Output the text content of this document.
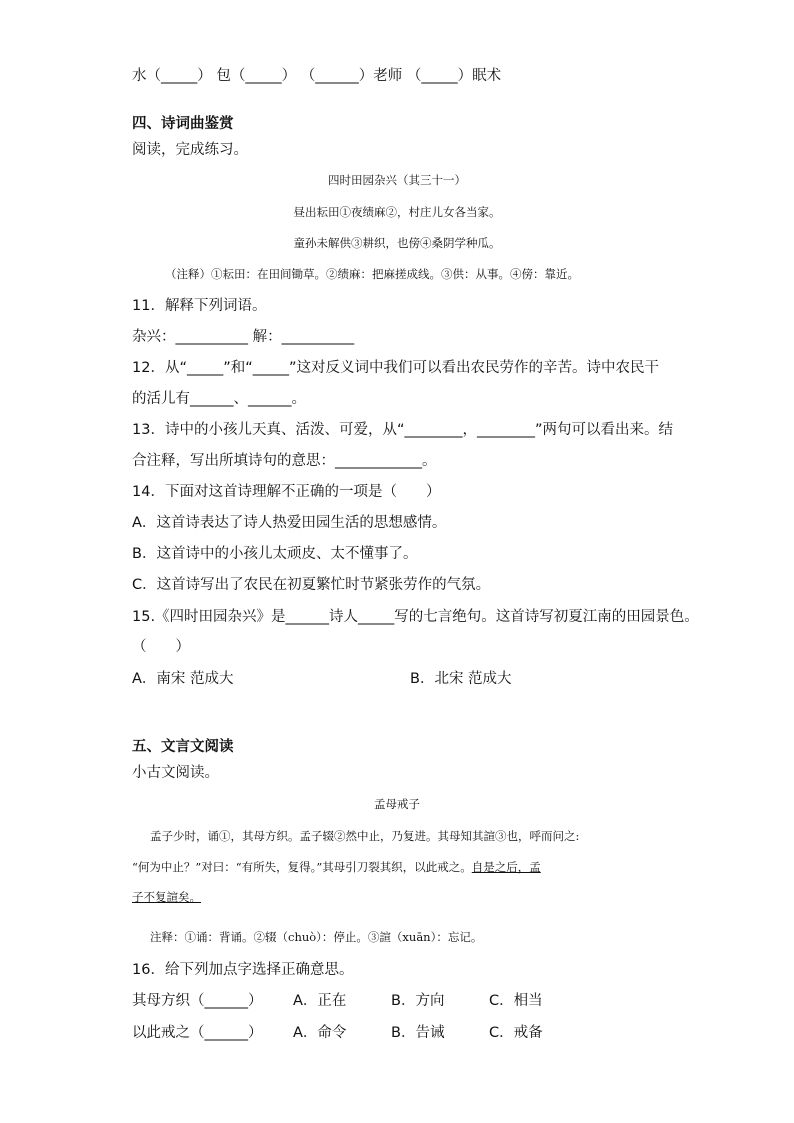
水（_____） 包（_____） （______）老师 （_____）眠术
四、诗词曲鉴赏
阅读，完成练习。
四时田园杂兴（其三十一）
昼出耘田①夜绩麻②，村庄儿女各当家。
童孙未解供③耕织，也傍④桑阴学种瓜。
（注释）①耘田：在田间锄草。②绩麻：把麻搓成线。③供：从事。④傍：靠近。
11．解释下列词语。
杂兴：__________ 解：__________
12．从“_____”和“_____”这对反义词中我们可以看出农民劳作的辛苦。诗中农民干
的活儿有______、______。
13．诗中的小孩儿天真、活泼、可爱，从“________，________”两句可以看出来。结
合注释，写出所填诗句的意思：____________。
14．下面对这首诗理解不正确的一项是（　　）
A．这首诗表达了诗人热爱田园生活的思想感情。
B．这首诗中的小孩儿太顽皮、太不懂事了。
C．这首诗写出了农民在初夏繁忙时节紧张劳作的气氛。
15.《四时田园杂兴》是______诗人_____写的七言绝句。这首诗写初夏江南的田园景色。
（　　）
A．南宋 范成大	B．北宋 范成大
五、文言文阅读
小古文阅读。
孟母戒子
孟子少时，诵①，其母方织。孟子辍②然中止，乃复进。其母知其諠③也，呼而问之:
“何为中止？”对曰：“有所失，复得。”其母引刀裂其织，以此戒之。自是之后，孟
子不复諠矣。
注释：①诵：背诵。②辍（chuò）：停止。③諠（xuān）：忘记。
16．给下列加点字选择正确意思。
其母方织（______） A．正在	B．方向	C．相当
以此戒之（______） A．命令	B．告诫	C．戒备
